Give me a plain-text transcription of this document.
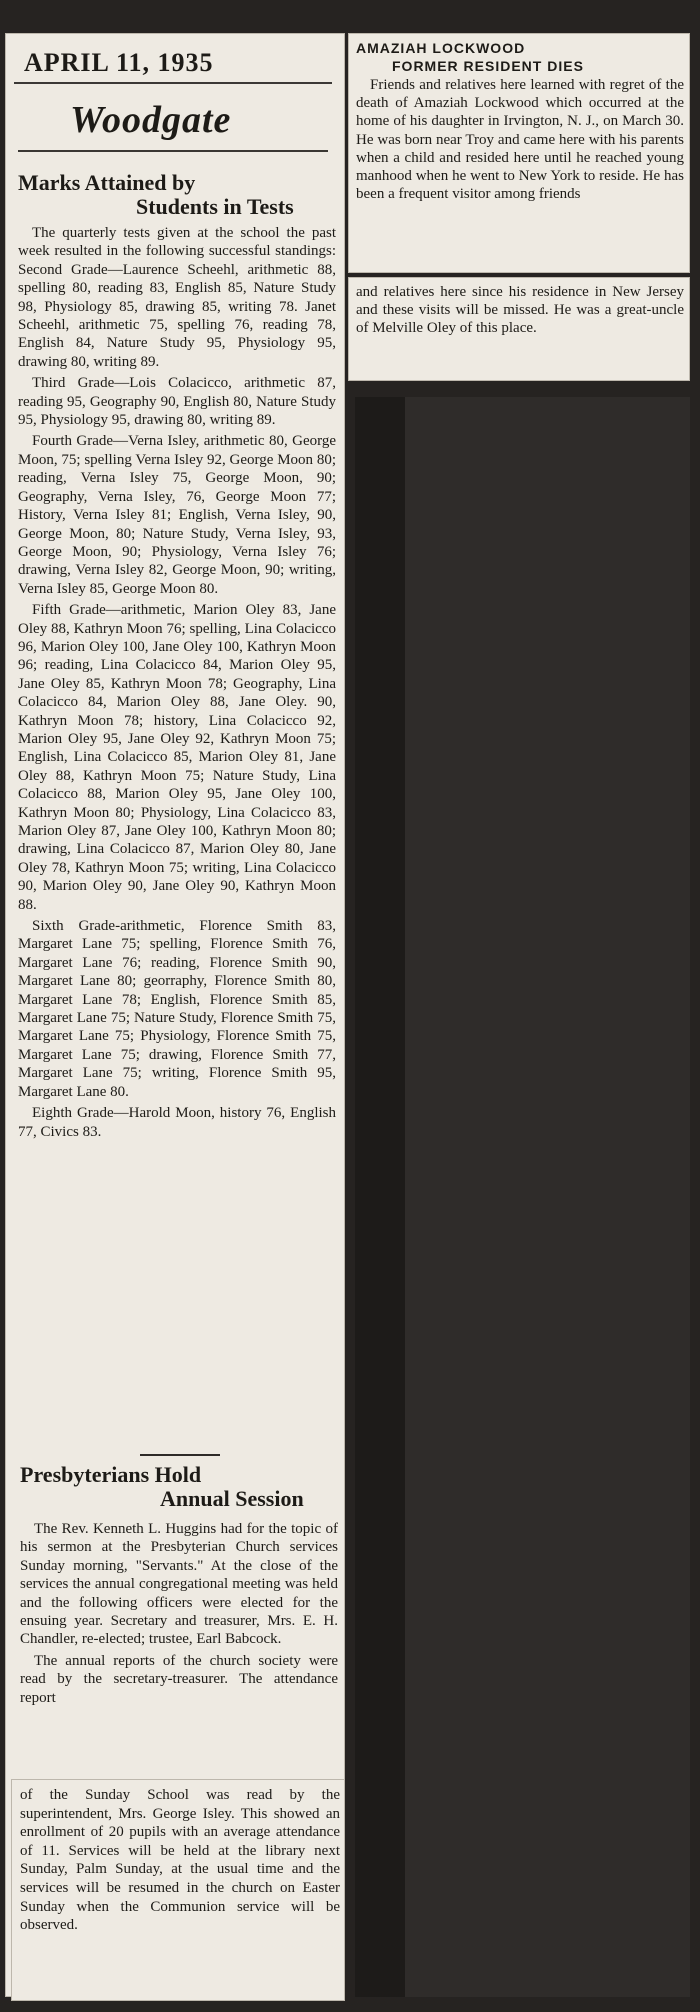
APRIL 11, 1935
Woodgate
Marks Attained by
Students in Tests

The quarterly tests given at the school the past week resulted in the following successful standings: Second Grade—Laurence Scheehl, arithmetic 88, spelling 80, reading 83, English 85, Nature Study 98, Physiology 85, drawing 85, writing 78. Janet Scheehl, arithmetic 75, spelling 76, reading 78, English 84, Nature Study 95, Physiology 95, drawing 80, writing 89.

Third Grade—Lois Colacicco, arithmetic 87, reading 95, Geography 90, English 80, Nature Study 95, Physiology 95, drawing 80, writing 89.

Fourth Grade—Verna Isley, arithmetic 80, George Moon, 75; spelling Verna Isley 92, George Moon 80; reading, Verna Isley 75, George Moon, 90; Geography, Verna Isley, 76, George Moon 77; History, Verna Isley 81; English, Verna Isley, 90, George Moon, 80; Nature Study, Verna Isley, 93, George Moon, 90; Physiology, Verna Isley 76; drawing, Verna Isley 82, George Moon, 90; writing, Verna Isley 85, George Moon 80.

Fifth Grade—arithmetic, Marion Oley 83, Jane Oley 88, Kathryn Moon 76; spelling, Lina Colacicco 96, Marion Oley 100, Jane Oley 100, Kathryn Moon 96; reading, Lina Colacicco 84, Marion Oley 95, Jane Oley 85, Kathryn Moon 78; Geography, Lina Colacicco 84, Marion Oley 88, Jane Oley. 90, Kathryn Moon 78; history, Lina Colacicco 92, Marion Oley 95, Jane Oley 92, Kathryn Moon 75; English, Lina Colacicco 85, Marion Oley 81, Jane Oley 88, Kathryn Moon 75; Nature Study, Lina Colacicco 88, Marion Oley 95, Jane Oley 100, Kathryn Moon 80; Physiology, Lina Colacicco 83, Marion Oley 87, Jane Oley 100, Kathryn Moon 80; drawing, Lina Colacicco 87, Marion Oley 80, Jane Oley 78, Kathryn Moon 75; writing, Lina Colacicco 90, Marion Oley 90, Jane Oley 90, Kathryn Moon 88.

Sixth Grade-arithmetic, Florence Smith 83, Margaret Lane 75; spelling, Florence Smith 76, Margaret Lane 76; reading, Florence Smith 90, Margaret Lane 80; georraphy, Florence Smith 80, Margaret Lane 78; English, Florence Smith 85, Margaret Lane 75; Nature Study, Florence Smith 75, Margaret Lane 75; Physiology, Florence Smith 75, Margaret Lane 75; drawing, Florence Smith 77, Margaret Lane 75; writing, Florence Smith 95, Margaret Lane 80.

Eighth Grade—Harold Moon, history 76, English 77, Civics 83.

Presbyterians Hold
Annual Session

The Rev. Kenneth L. Huggins had for the topic of his sermon at the Presbyterian Church services Sunday morning, "Servants." At the close of the services the annual congregational meeting was held and the following officers were elected for the ensuing year. Secretary and treasurer, Mrs. E. H. Chandler, re-elected; trustee, Earl Babcock.

The annual reports of the church society were read by the secretary-treasurer. The attendance report

of the Sunday School was read by the superintendent, Mrs. George Isley. This showed an enrollment of 20 pupils with an average attendance of 11. Services will be held at the library next Sunday, Palm Sunday, at the usual time and the services will be resumed in the church on Easter Sunday when the Communion service will be observed.
AMAZIAH LOCKWOOD
FORMER RESIDENT DIES

Friends and relatives here learned with regret of the death of Amaziah Lockwood which occurred at the home of his daughter in Irvington, N. J., on March 30. He was born near Troy and came here with his parents when a child and resided here until he reached young manhood when he went to New York to reside. He has been a frequent visitor among friends

and relatives here since his residence in New Jersey and these visits will be missed. He was a great-uncle of Melville Oley of this place.
